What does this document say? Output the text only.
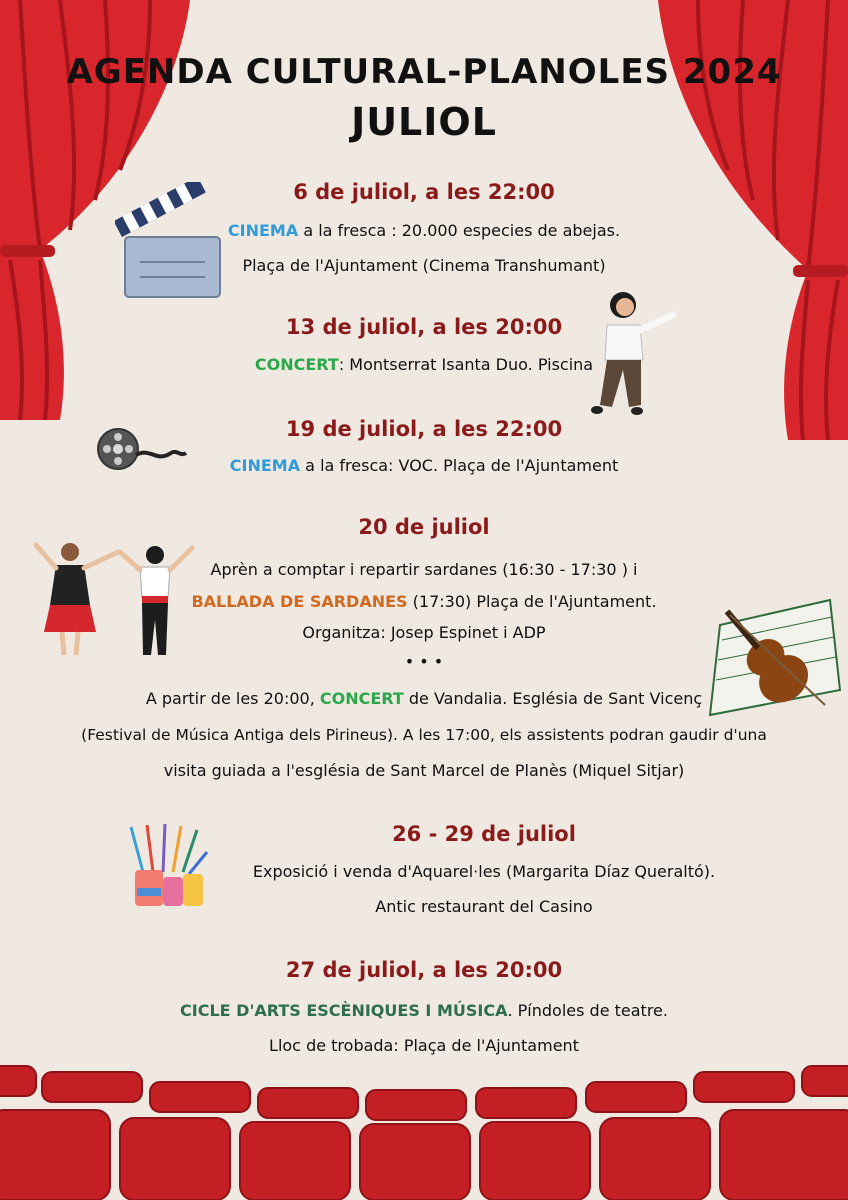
AGENDA CULTURAL-PLANOLES 2024
JULIOL
6 de juliol, a les 22:00
CINEMA a la fresca : 20.000 especies de abejas.
Plaça de l'Ajuntament (Cinema Transhumant)
13 de juliol, a les 20:00
CONCERT: Montserrat Isanta Duo. Piscina
19 de juliol, a les 22:00
CINEMA a la fresca: VOC. Plaça de l'Ajuntament
20 de juliol
Aprèn a comptar i repartir sardanes (16:30 - 17:30 ) i
BALLADA DE SARDANES (17:30) Plaça de l'Ajuntament.
Organitza: Josep Espinet i ADP
• • •
A partir de les 20:00, CONCERT de Vandalia. Església de Sant Vicenç
(Festival de Música Antiga dels Pirineus). A les 17:00, els assistents podran gaudir d'una
visita guiada a l'església de Sant Marcel de Planès (Miquel Sitjar)
26 - 29 de juliol
Exposició i venda d'Aquarel·les (Margarita Díaz Queraltó).
Antic restaurant del Casino
27 de juliol, a les 20:00
CICLE D'ARTS ESCÈNIQUES I MÚSICA. Píndoles de teatre.
Lloc de trobada: Plaça de l'Ajuntament
